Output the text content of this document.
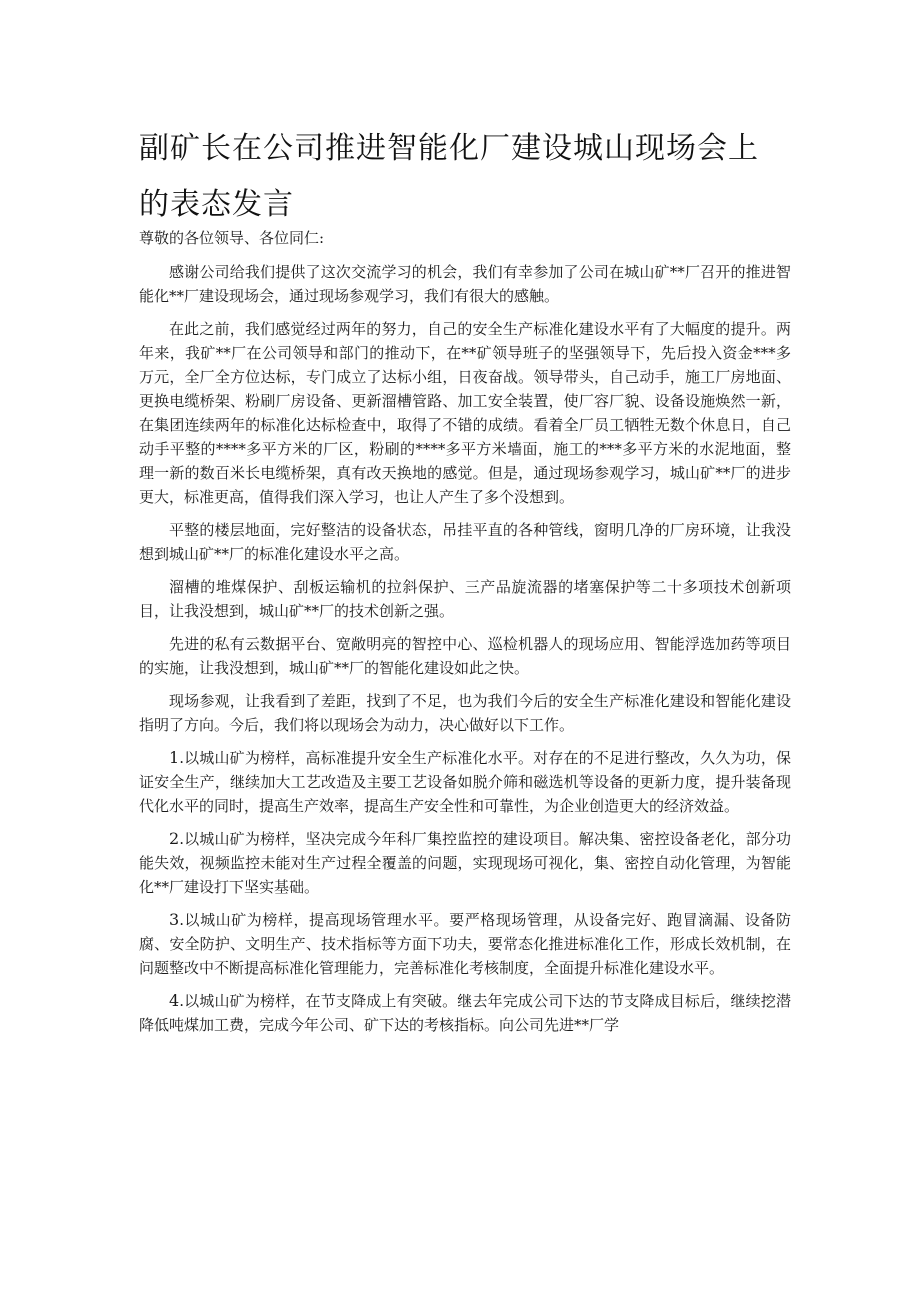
副矿长在公司推进智能化厂建设城山现场会上的表态发言

尊敬的各位领导、各位同仁:

感谢公司给我们提供了这次交流学习的机会，我们有幸参加了公司在城山矿**厂召开的推进智能化**厂建设现场会，通过现场参观学习，我们有很大的感触。

在此之前，我们感觉经过两年的努力，自己的安全生产标准化建设水平有了大幅度的提升。两年来，我矿**厂在公司领导和部门的推动下，在**矿领导班子的坚强领导下，先后投入资金***多万元，全厂全方位达标，专门成立了达标小组，日夜奋战。领导带头，自己动手，施工厂房地面、更换电缆桥架、粉刷厂房设备、更新溜槽管路、加工安全装置，使厂容厂貌、设备设施焕然一新，在集团连续两年的标准化达标检查中，取得了不错的成绩。看着全厂员工牺牲无数个休息日，自己动手平整的****多平方米的厂区，粉刷的****多平方米墙面，施工的***多平方米的水泥地面，整理一新的数百米长电缆桥架，真有改天换地的感觉。但是，通过现场参观学习，城山矿**厂的进步更大，标准更高，值得我们深入学习，也让人产生了多个没想到。

平整的楼层地面，完好整洁的设备状态，吊挂平直的各种管线，窗明几净的厂房环境，让我没想到城山矿**厂的标准化建设水平之高。

溜槽的堆煤保护、刮板运输机的拉斜保护、三产品旋流器的堵塞保护等二十多项技术创新项目，让我没想到，城山矿**厂的技术创新之强。

先进的私有云数据平台、宽敞明亮的智控中心、巡检机器人的现场应用、智能浮选加药等项目的实施，让我没想到，城山矿**厂的智能化建设如此之快。

现场参观，让我看到了差距，找到了不足，也为我们今后的安全生产标准化建设和智能化建设指明了方向。今后，我们将以现场会为动力，决心做好以下工作。

1.以城山矿为榜样，高标准提升安全生产标准化水平。对存在的不足进行整改，久久为功，保证安全生产，继续加大工艺改造及主要工艺设备如脱介筛和磁选机等设备的更新力度，提升装备现代化水平的同时，提高生产效率，提高生产安全性和可靠性，为企业创造更大的经济效益。

2.以城山矿为榜样，坚决完成今年科厂集控监控的建设项目。解决集、密控设备老化，部分功能失效，视频监控未能对生产过程全覆盖的问题，实现现场可视化，集、密控自动化管理，为智能化**厂建设打下坚实基础。

3.以城山矿为榜样，提高现场管理水平。要严格现场管理，从设备完好、跑冒滴漏、设备防腐、安全防护、文明生产、技术指标等方面下功夫，要常态化推进标准化工作，形成长效机制，在问题整改中不断提高标准化管理能力，完善标准化考核制度，全面提升标准化建设水平。

4.以城山矿为榜样，在节支降成上有突破。继去年完成公司下达的节支降成目标后，继续挖潜降低吨煤加工费，完成今年公司、矿下达的考核指标。向公司先进**厂学
